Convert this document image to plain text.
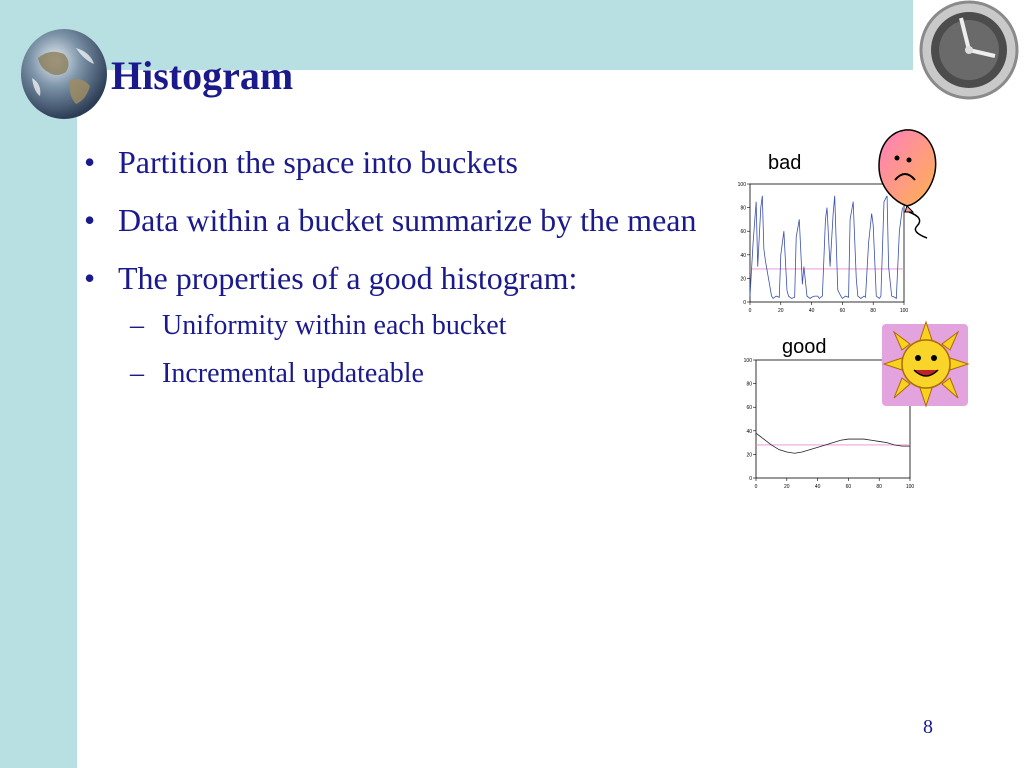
Histogram

• Partition the space into buckets

• Data within a bucket summarize by the mean

• The properties of a good histogram:

– Uniformity within each bucket

– Incremental updateable

bad
0	20	40	60	80	100
0
20
40
60
80
100
good
0	20	40	60	80	100
0
20
40
60
80
100
8
